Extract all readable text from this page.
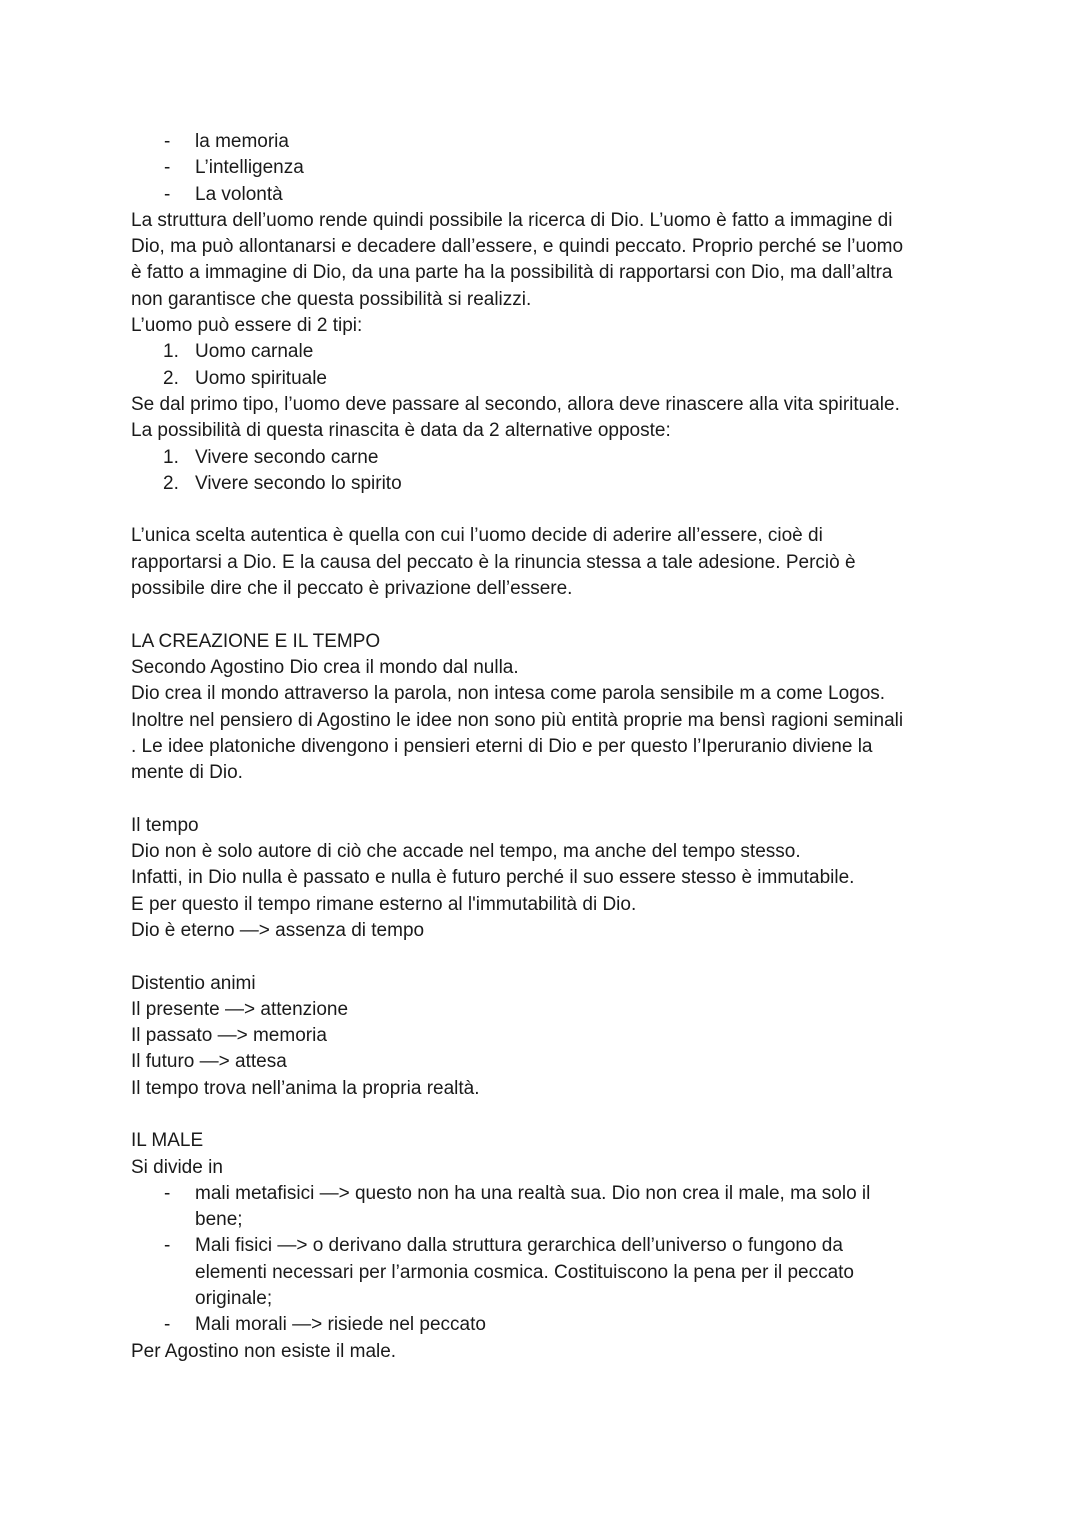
- la memoria
- L’intelligenza
- La volontà
La struttura dell’uomo rende quindi possibile la ricerca di Dio. L’uomo è fatto a immagine di
Dio, ma può allontanarsi e decadere dall’essere, e quindi peccato. Proprio perché se l’uomo
è fatto a immagine di Dio, da una parte ha la possibilità di rapportarsi con Dio, ma dall’altra
non garantisce che questa possibilità si realizzi.
L’uomo può essere di 2 tipi:
1. Uomo carnale
2. Uomo spirituale
Se dal primo tipo, l’uomo deve passare al secondo, allora deve rinascere alla vita spirituale.
La possibilità di questa rinascita è data da 2 alternative opposte:
1. Vivere secondo carne
2. Vivere secondo lo spirito
L’unica scelta autentica è quella con cui l’uomo decide di aderire all’essere, cioè di
rapportarsi a Dio. E la causa del peccato è la rinuncia stessa a tale adesione. Perciò è
possibile dire che il peccato è privazione dell’essere.
LA CREAZIONE E IL TEMPO
Secondo Agostino Dio crea il mondo dal nulla.
Dio crea il mondo attraverso la parola, non intesa come parola sensibile m a come Logos.
Inoltre nel pensiero di Agostino le idee non sono più entità proprie ma bensì ragioni seminali
. Le idee platoniche divengono i pensieri eterni di Dio e per questo l’Iperuranio diviene la
mente di Dio.
Il tempo
Dio non è solo autore di ciò che accade nel tempo, ma anche del tempo stesso.
Infatti, in Dio nulla è passato e nulla è futuro perché il suo essere stesso è immutabile.
E per questo il tempo rimane esterno al l'immutabilità di Dio.
Dio è eterno —> assenza di tempo
Distentio animi
Il presente —> attenzione
Il passato —> memoria
Il futuro —> attesa
Il tempo trova nell’anima la propria realtà.
IL MALE
Si divide in
- mali metafisici —> questo non ha una realtà sua. Dio non crea il male, ma solo il
bene;
- Mali fisici —> o derivano dalla struttura gerarchica dell’universo o fungono da
elementi necessari per l’armonia cosmica. Costituiscono la pena per il peccato
originale;
- Mali morali —> risiede nel peccato
Per Agostino non esiste il male.
